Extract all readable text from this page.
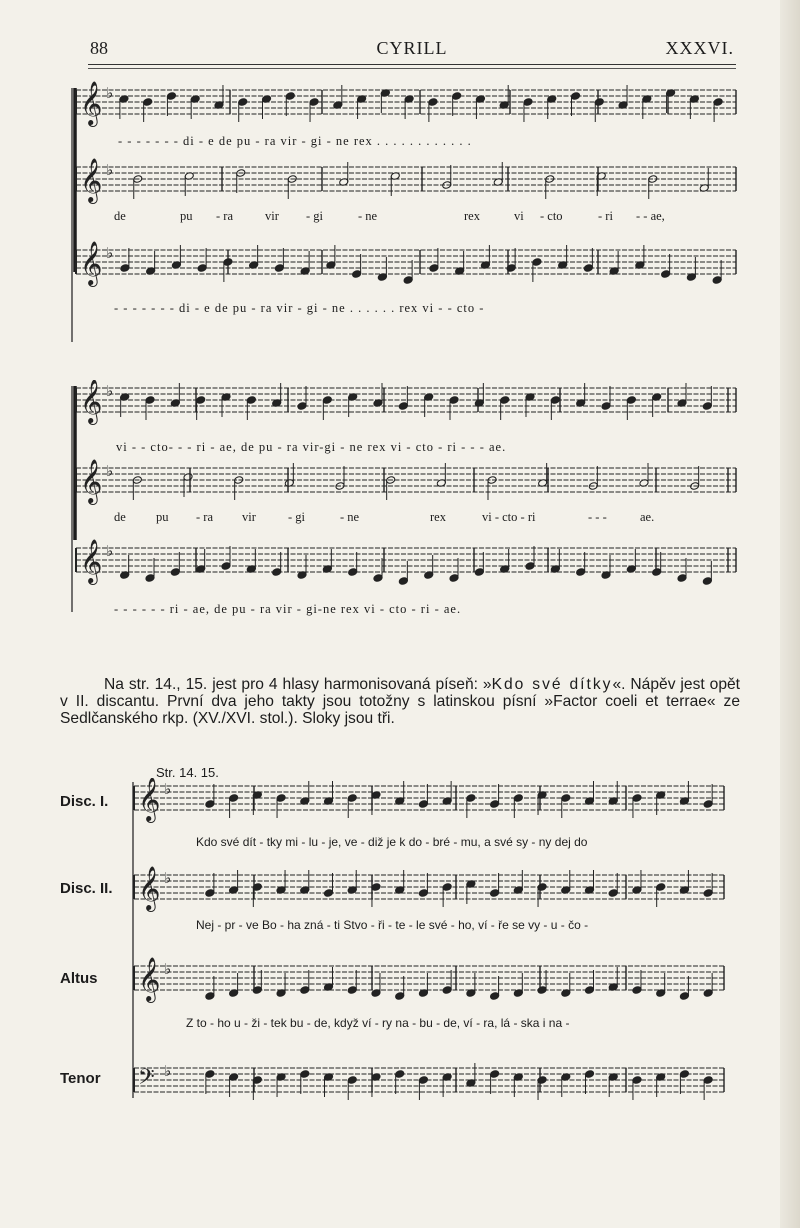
88	CYRILL	XXXVI.
𝄞 ♭
𝄞 ♭
𝄞 ♭
- - - - - - - di - e de pu - ra vir - gi - ne rex . . . . . . . . . . . .
de	pu - ra	vir - gi	- ne	rex	vi - cto	- ri - - ae,
- - - - - - - di - e de pu - ra vir - gi - ne . . . . . . rex vi - - cto -
𝄞 ♭
𝄞 ♭
𝄞 ♭
vi - - cto- - - ri - ae, de pu - ra vir-gi - ne rex vi - cto - ri - - - ae.
de pu - ra vir	- gi	- ne	rex	vi - cto - ri	- - -	ae.
- - - - - - ri - ae, de pu - ra vir - gi-ne rex vi - cto - ri - ae.

Na str. 14., 15. jest pro 4 hlasy harmonisovaná píseň: »Kdo své dítky«. Nápěv jest opět v II. discantu. První dva jeho takty jsou totožny s latinskou písní »Factor coeli et terrae« ze Sedlčanského rkp. (XV./XVI. stol.). Sloky jsou tři.

Str. 14. 15.
Disc. I.
Disc. II.
Altus
Tenor
𝄞 ♭
𝄞 ♭
𝄞 ♭
𝄢 ♭
Kdo své dít - tky mi - lu - je, ve - diž je k do - bré - mu, a své sy - ny dej do
Nej - pr - ve Bo - ha zná - ti Stvo - ři - te - le své - ho, ví - ře se vy - u - čo -
Z to - ho u - ži - tek bu - de, když ví - ry na - bu - de, ví - ra, lá - ska i na -
